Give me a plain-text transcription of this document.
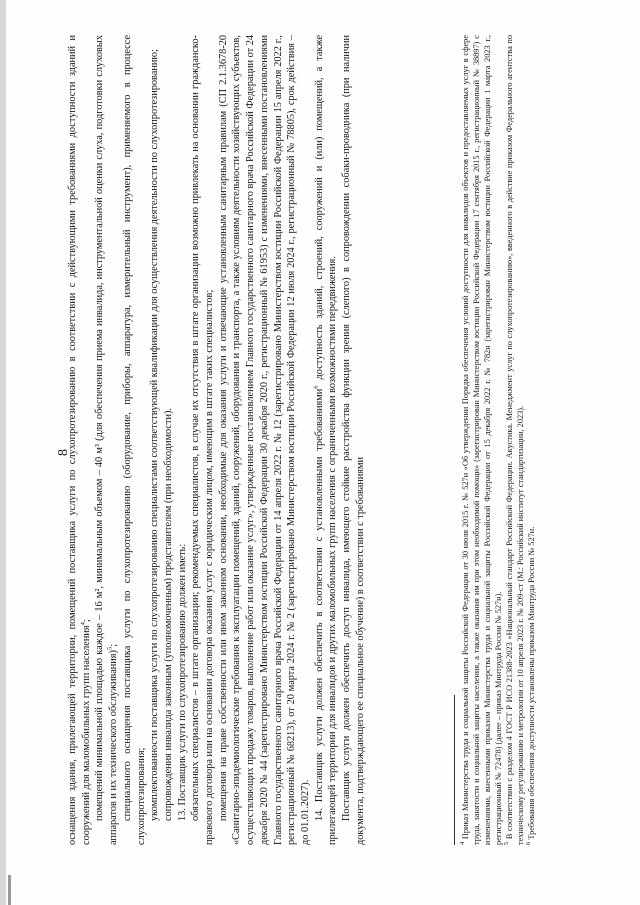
8

оснащения здания, прилегающей территории, помещений поставщика услуги по слухопротезированию в соответствии с действующими требованиями доступности зданий и сооружений для маломобильных групп населения$^4$; помещений минимальной площадью каждое – 16 м², минимальным объемом – 40 м³ (для обеспечения приема инвалида, инструментальной оценки слуха, подготовки слуховых аппаратов и их технического обслуживания)$^5$; специального оснащения поставщика услуги по слухопротезированию (оборудование, приборы, аппаратура, измерительный инструмент), применяемого в процессе слухопротезирования; укомплектованности поставщика услуги по слухопротезированию специалистами соответствующей квалификации для осуществления деятельности по слухопротезированию; сопровождения инвалида законным (уполномоченным) представителем (при необходимости). 13. Поставщик услуги по слухопротезированию должен иметь: обязательных специалистов – в штате организации; рекомендуемых специалистов, в случае их отсутствия в штате организации возможно привлекать на основании гражданско-правового договора или на основании договора оказания услуг с юридическим лицом, имеющим в штате таких специалистов; помещения на праве собственности или ином законном основании, необходимые для оказания услуги и отвечающие установленным санитарным правилам (СП 2.1.3678-20 «Санитарно-эпидемиологические требования к эксплуатации помещений, зданий, сооружений, оборудования и транспорта, а также условиям деятельности хозяйствующих субъектов, осуществляющих продажу товаров, выполнение работ или оказание услуг», утвержденные постановлением Главного государственного санитарного врача Российской Федерации от 24 декабря 2020 № 44 (зарегистрировано Министерством юстиции Российской Федерации 30 декабря 2020 г., регистрационный № 61953) с изменениями, внесенными постановлениями Главного государственного санитарного врача Российской Федерации от 14 апреля 2022 г. № 12 (зарегистрировано Министерством юстиции Российской Федерации 15 апреля 2022 г., регистрационный № 68213), от 20 марта 2024 г. № 2 (зарегистрировано Министерством юстиции Российской Федерации 12 июля 2024 г., регистрационный № 78805), срок действия – до 01.01.2027). 14. Поставщик услуги должен обеспечить в соответствии с установленными требованиями$^6$ доступность зданий, строений, сооружений и (или) помещений, а также прилегающей территории для инвалидов и других маломобильных групп населения с ограниченными возможностями передвижения. Поставщик услуги должен обеспечить доступ инвалида, имеющего стойкие расстройства функции зрения (слепого) в сопровождении собаки-проводника (при наличии документа, подтверждающего ее специальное обучение) в соответствии с требованиями	$^4$ Приказ Министерства труда и социальной защиты Российской Федерации от 30 июля 2015 г. № 527н «Об утверждении Порядка обеспечения условий доступности для инвалидов объектов и предоставляемых услуг в сфере труда, занятости и социальной защиты населения, а также оказания им при этом необходимой помощи» (зарегистрирован Министерством юстиции Российской Федерации 17 сентября 2015 г., регистрационный № 38897) с изменениями, внесенными приказом Министерства труда и социальной защиты Российской Федерации от 15 декабря 2022 г. № 782н (зарегистрирован Министерством юстиции Российской Федерации 1 марта 2023 г., регистрационный № 72478) (далее – приказ Минтруда России № 527н). $^5$ В соответствии с разделом 4 ГОСТ Р ИСО 21388-2023 «Национальный стандарт Российской Федерации. Акустика. Менеджмент услуг по слухопротезированию», введенного в действие приказом Федерального агентства по техническому регулированию и метрологии от 10 апреля 2023 г. № 209-ст (М.: Российский институт стандартизации, 2023). $^6$ Требования обеспечения доступности установлены приказом Минтруда России № 527н.
